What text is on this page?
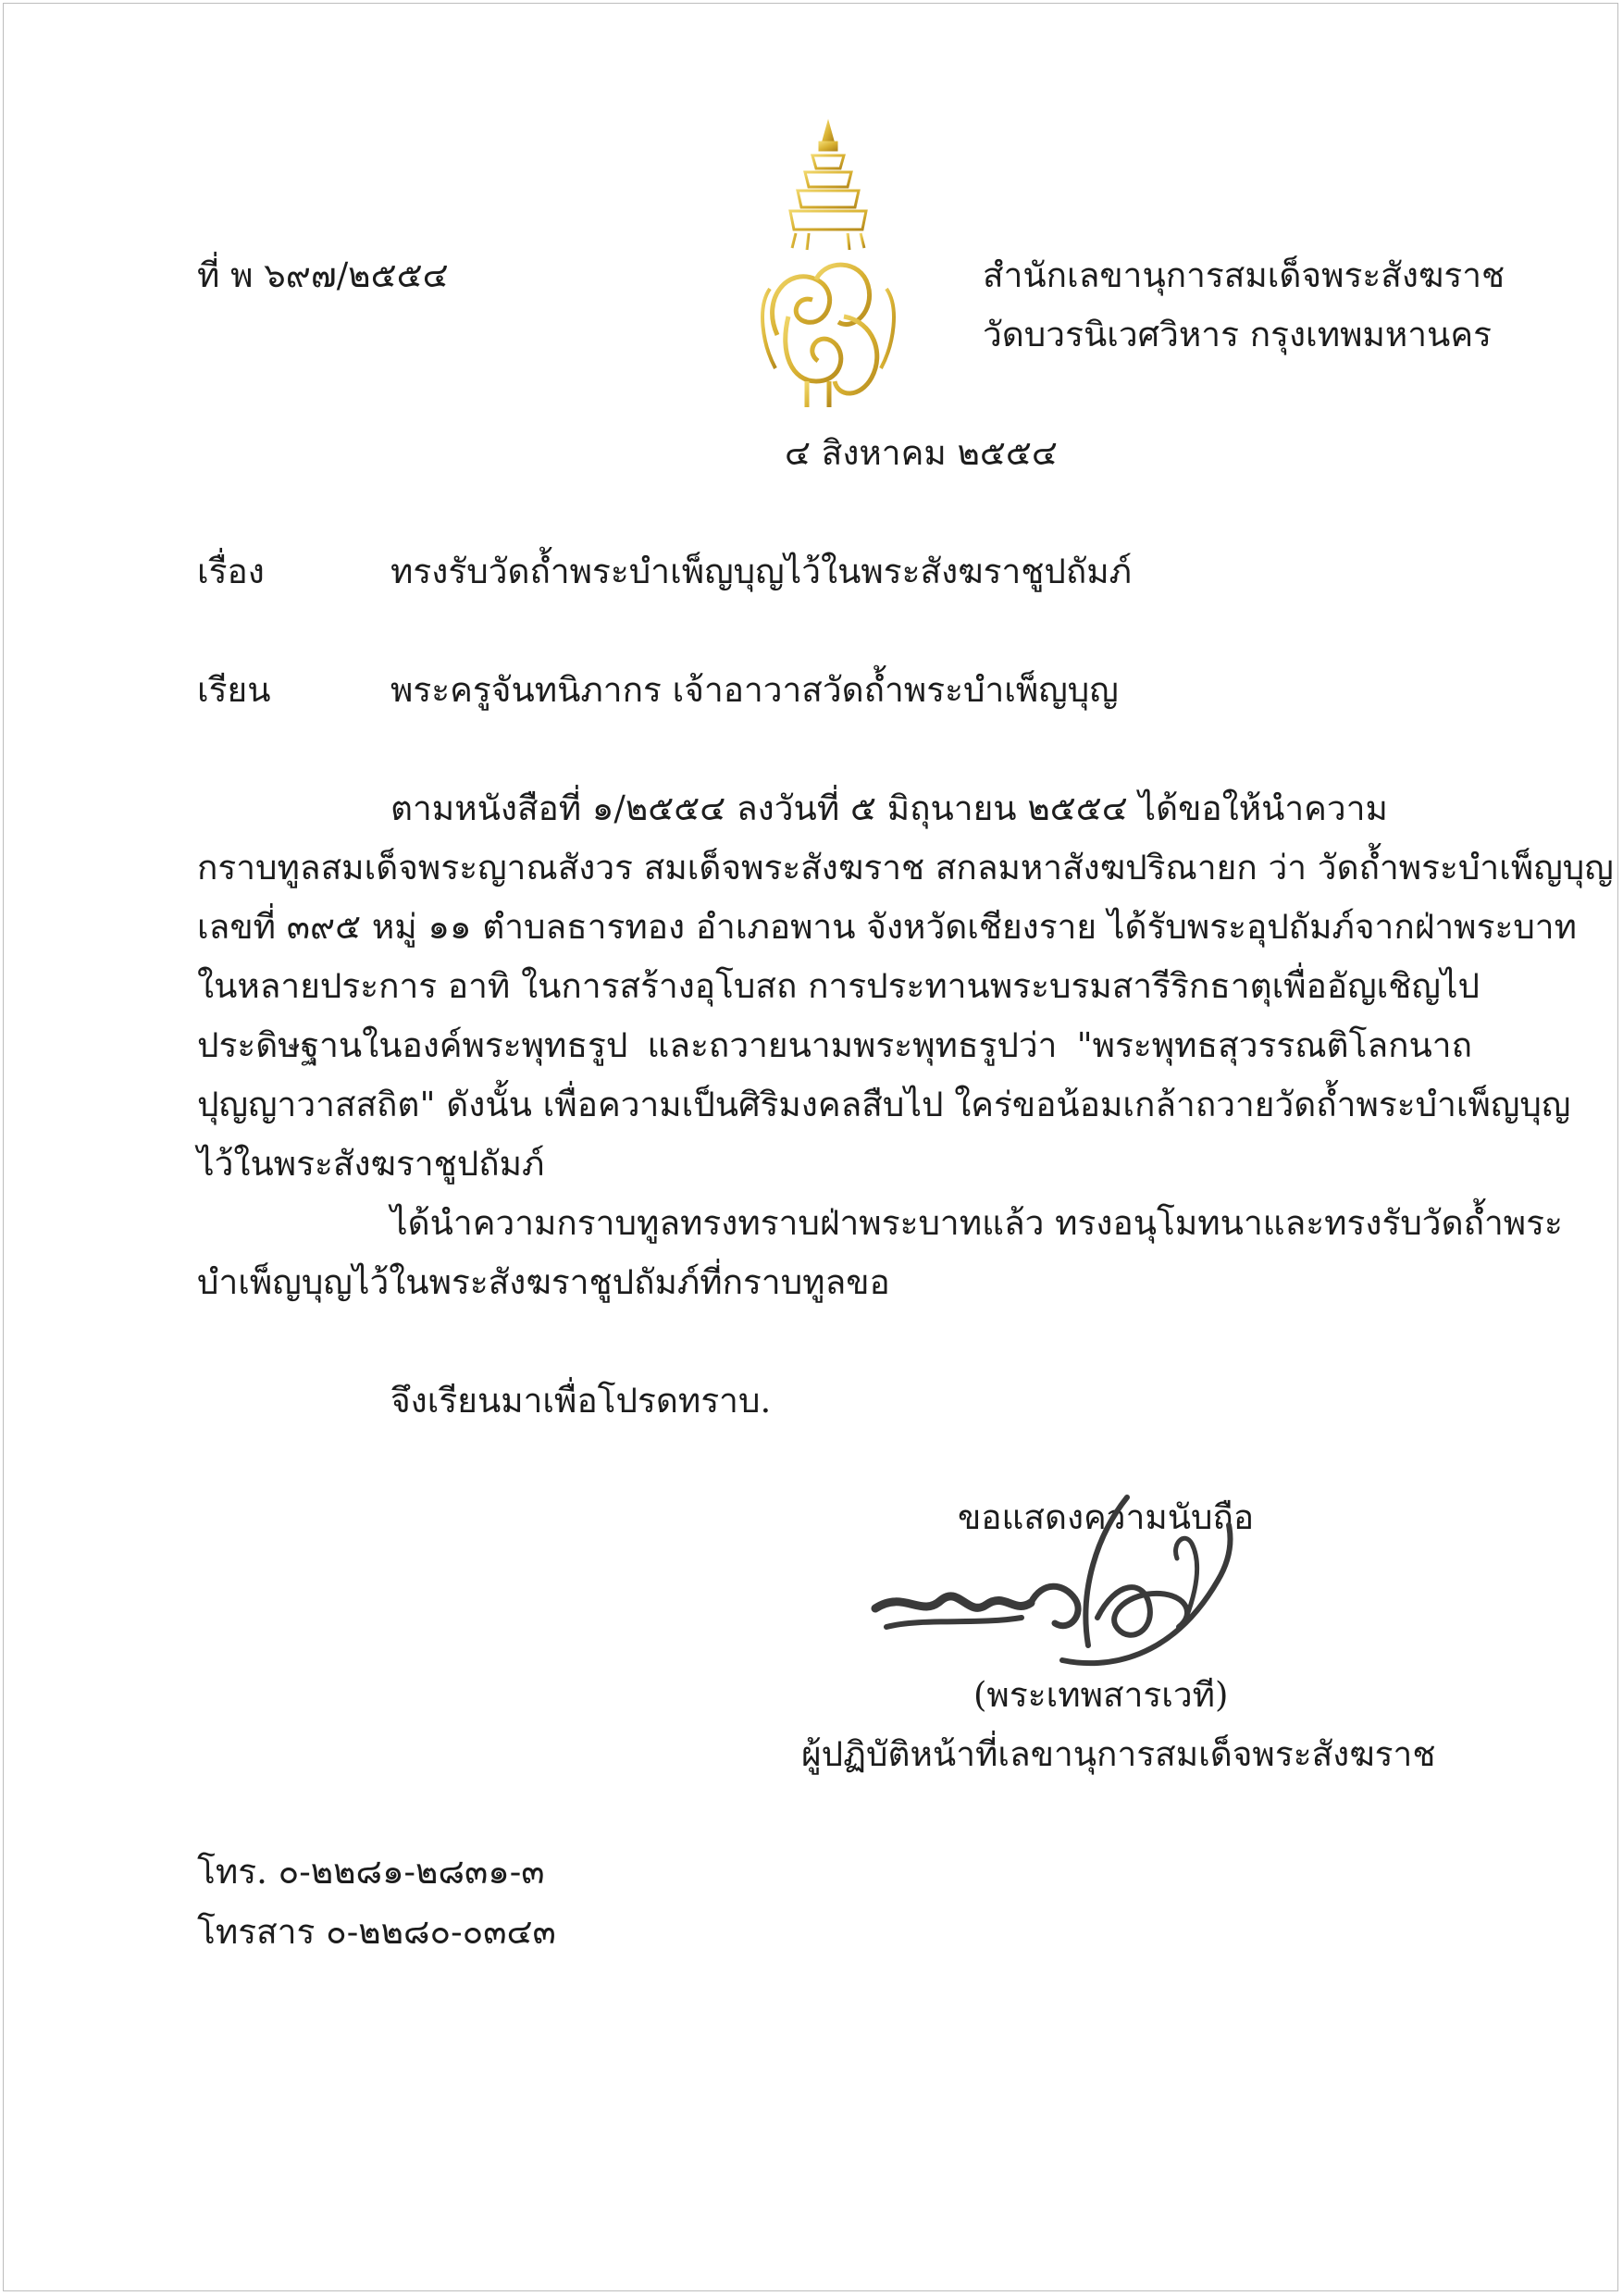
ที่ พ ๖๙๗/๒๕๕๔	สำนักเลขานุการสมเด็จพระสังฆราช
วัดบวรนิเวศวิหาร กรุงเทพมหานคร
๔ สิงหาคม ๒๕๕๔
เรื่อง	ทรงรับวัดถ้ำพระบำเพ็ญบุญไว้ในพระสังฆราชูปถัมภ์
เรียน	พระครูจันทนิภากร เจ้าอาวาสวัดถ้ำพระบำเพ็ญบุญ
ตามหนังสือที่ ๑/๒๕๕๔ ลงวันที่ ๕ มิถุนายน ๒๕๕๔ ได้ขอให้นำความ
กราบทูลสมเด็จพระญาณสังวร สมเด็จพระสังฆราช สกลมหาสังฆปริณายก ว่า วัดถ้ำพระบำเพ็ญบุญ
เลขที่ ๓๙๕ หมู่ ๑๑ ตำบลธารทอง อำเภอพาน จังหวัดเชียงราย ได้รับพระอุปถัมภ์จากฝ่าพระบาท
ในหลายประการ อาทิ ในการสร้างอุโบสถ การประทานพระบรมสารีริกธาตุเพื่ออัญเชิญไป
ประดิษฐานในองค์พระพุทธรูป และถวายนามพระพุทธรูปว่า "พระพุทธสุวรรณติโลกนาถ
ปุญญาวาสสถิต" ดังนั้น เพื่อความเป็นศิริมงคลสืบไป ใคร่ขอน้อมเกล้าถวายวัดถ้ำพระบำเพ็ญบุญ
ไว้ในพระสังฆราชูปถัมภ์
ได้นำความกราบทูลทรงทราบฝ่าพระบาทแล้ว ทรงอนุโมทนาและทรงรับวัดถ้ำพระ
บำเพ็ญบุญไว้ในพระสังฆราชูปถัมภ์ที่กราบทูลขอ
จึงเรียนมาเพื่อโปรดทราบ.
ขอแสดงความนับถือ
(พระเทพสารเวที)
ผู้ปฏิบัติหน้าที่เลขานุการสมเด็จพระสังฆราช
โทร. ๐-๒๒๘๑-๒๘๓๑-๓
โทรสาร ๐-๒๒๘๐-๐๓๔๓
